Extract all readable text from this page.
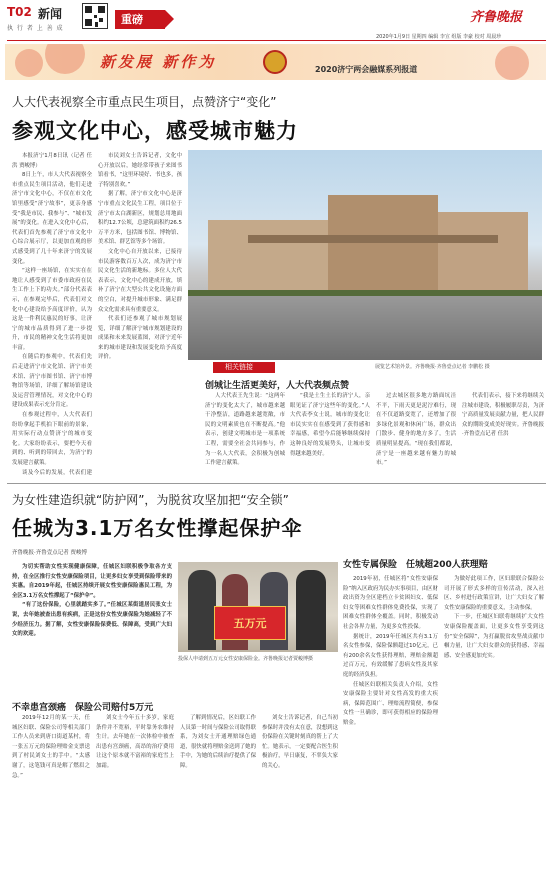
T02 新闻
执 行 者 上 善 成
重磅	齐鲁晚报
2020年1月9日 星期四 编辑 李宣 组版 李豪 校对 周晨珍
新发展 新作为	2020济宁两会融媒系列报道
人大代表视察全市重点民生项目，点赞济宁“变化”
参观文化中心，感受城市魅力

本报济宁1月8日讯（记者 任洪 贾峻博）

8日上午，市人大代表视察全市重点民生项目活动，他们走进济宁市文化中心，不仅在市文化馆里感受“济宁故事”，更亲身感受“我是市民、我参与”、“城市发展”的变化。在进入文化中心后，代表们首先参观了济宁市文化中心综合展示厅，以更加直观的形式感受到了几十年来济宁的发展变化。

“这样一座场馆，在实实在在地让人感受到了市委市政府在民生工作上下的功夫。”部分代表表示，在参观完毕后，代表们对文化中心建设给予高度评价，认为这是一件利民惠民的好事，让济宁的城市品质得到了进一步提升，市民的精神文化生活将更加丰富。

在随后的参观中，代表们先后走进济宁市文化馆、济宁市美术馆、济宁市图书馆、济宁市博物馆等场馆，详细了解场馆建设及运营管理情况，对文化中心的建设成果表示充分肯定。

在参观过程中，人大代表们纷纷拿起手机拍下眼前的景象，用实际行动点赞济宁的城市变化。大家纷纷表示，要把今天看到的、听到的带回去，为济宁的发展建言献策。

谈及今后的发展，代表们建

市民刘女士告诉记者，文化中心开放以后，她经常带孩子来图书馆看书，“这里环境好、书也多，孩子特别喜欢。”

据了解，济宁市文化中心是济宁市重点文化民生工程，项目位于济宁市太白湖新区，规划总用地面积约12.7公顷，总建筑面积约26.5万平方米，包括图书馆、博物馆、美术馆、群艺馆等多个场馆。

文化中心自开放以来，已接待市民游客数百万人次，成为济宁市民文化生活的新地标。多位人大代表表示，文化中心的建成开放，填补了济宁在大型公共文化设施方面的空白，对提升城市形象、满足群众文化需求具有重要意义。

代表们还参观了城市规划展览，详细了解济宁城市规划建设的成果和未来发展蓝图，对济宁近年来的城市建设和发展变化给予高度评价。

展览艺术馆外景。齐鲁晚报·齐鲁壹点记者 李鹏松 摄
相关链接
创城让生活更美好，人大代表频点赞

人大代表王先生说：“这两年济宁的变化太大了，城市越来越干净整洁，道路越来越宽敞，市民的文明素质也在不断提高。”他表示，创建文明城市是一项系统工程，需要全社会共同参与，作为一名人大代表，会积极为创城工作建言献策。

“我是土生土长的济宁人，亲眼见证了济宁这些年的变化。”人大代表李女士说，城市的变化让市民实实在在感受到了获得感和幸福感，希望今后能够继续保持这种良好的发展势头，让城市变得越来越美好。

过去城区很多地方路面坑洼不平，下雨天更是泥泞难行，现在不仅道路变宽了，还增加了很多绿化景观和休闲广场，群众出门散步、健身的地方多了，生活质量明显提高。“现在我们都说，济宁是一座越来越有魅力的城市。”

代表们表示，接下来将继续关注城市建设，积极履职尽责，为济宁高质量发展贡献力量，把人民群众的期盼变成美好现实。齐鲁晚报·齐鲁壹点记者 任洪

为女性建造织就“防护网”，为脱贫攻坚加把“安全锁”
任城为3.1万名女性撑起保护伞
齐鲁晚报·齐鲁壹点记者 贾峻博

为切实帮助女性实现健康保障，任城区妇联积极争取各方支持，在全区推行女性安康保险项目，让更多妇女享受到保险带来的实惠。自2019年起，任城区持续开展女性安康保险惠民工程，为全区3.1万名女性撑起了“保护伞”。

“有了这份保险，心里就踏实多了。”任城区某街道居民张女士说，去年她被查出患有疾病，正是这份女性安康保险为她减轻了不少经济压力。据了解，女性安康保险保费低、保障高，受到广大妇女的欢迎。

五万元
投保人申请到五万元女性安康保险金。齐鲁晚报记者贾峻博摄
女性专属保险　任城超200人获理赔

2019年初，任城区将“女性安康保险”纳入区政府为民办实事项目，由区财政出资为全区建档立卡贫困妇女、低保妇女等困难女性群体免费投保，实现了困难女性群体全覆盖。同时，积极发动社会各界力量，为更多女性投保。

据统计，2019年任城区共有3.1万名女性参保，保险保额超过10亿元，已有200余名女性获得理赔，理赔金额超过百万元，有效缓解了患病女性及其家庭的经济负担。

任城区妇联相关负责人介绍，女性安康保险主要针对女性高发的重大疾病，保障范围广、理赔流程简便，参保女性一旦确诊，即可获得相应的保险理赔金。

为做好此项工作，区妇联联合保险公司开展了形式多样的宣传活动，深入社区、乡村进行政策宣讲，让广大妇女了解女性安康保险的重要意义，主动参保。

下一步，任城区妇联将继续扩大女性安康保险覆盖面，让更多女性享受到这份“安全保障”，为打赢脱贫攻坚战贡献巾帼力量，让广大妇女群众的获得感、幸福感、安全感更加充实。

不幸患宫颈癌　保险公司赔付5万元

2019年12月的某一天，任城区妇联、保险公司等相关部门工作人员来到唐口街道某村，将一张五万元的保险理赔金支票送到了村民刘女士的手中。“太感谢了，这笔钱可真是解了燃眉之急。”

刘女士今年五十多岁，家庭条件并不宽裕，平时靠务农维持生计。去年她在一次体检中被查出患有宫颈癌，高昂的治疗费用让这个原本就不富裕的家庭雪上加霜。

了解到情况后，区妇联工作人员第一时间与保险公司取得联系，为刘女士开通理赔绿色通道，很快就将理赔金送到了她的手中，为她的后续治疗提供了保障。

刘女士告诉记者，自己当初参保时并没有太在意，没想到这份保险在关键时刻真的帮上了大忙。她表示，一定要配合医生积极治疗，早日康复，不辜负大家的关心。
